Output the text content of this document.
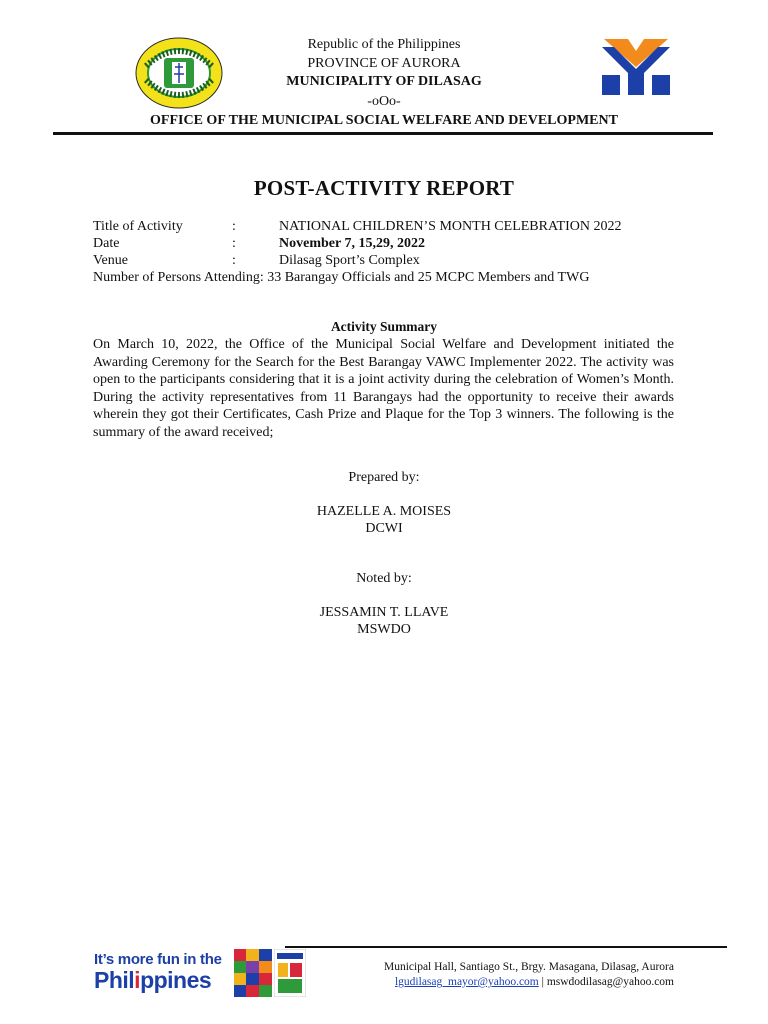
Republic of the Philippines
PROVINCE OF AURORA
MUNICIPALITY OF DILASAG
-oOo-
OFFICE OF THE MUNICIPAL SOCIAL WELFARE AND DEVELOPMENT
POST-ACTIVITY REPORT
Title of Activity	:	NATIONAL CHILDREN’S MONTH CELEBRATION 2022
Date	:	November 7, 15,29, 2022
Venue	:	Dilasag Sport’s Complex
Number of Persons Attending: 33 Barangay Officials and 25 MCPC Members and TWG
Activity Summary
On March 10, 2022, the Office of the Municipal Social Welfare and Development initiated the Awarding Ceremony for the Search for the Best Barangay VAWC Implementer 2022. The activity was open to the participants considering that it is a joint activity during the celebration of Women’s Month. During the activity representatives from 11 Barangays had the opportunity to receive their awards wherein they got their Certificates, Cash Prize and Plaque for the Top 3 winners. The following is the summary of the award received;
Prepared by:
HAZELLE A. MOISES
DCWI
Noted by:
JESSAMIN T. LLAVE
MSWDO
It’s more fun in the
Philippines	Municipal Hall, Santiago St., Brgy. Masagana, Dilasag, Aurora
lgudilasag_mayor@yahoo.com | mswdodilasag@yahoo.com
